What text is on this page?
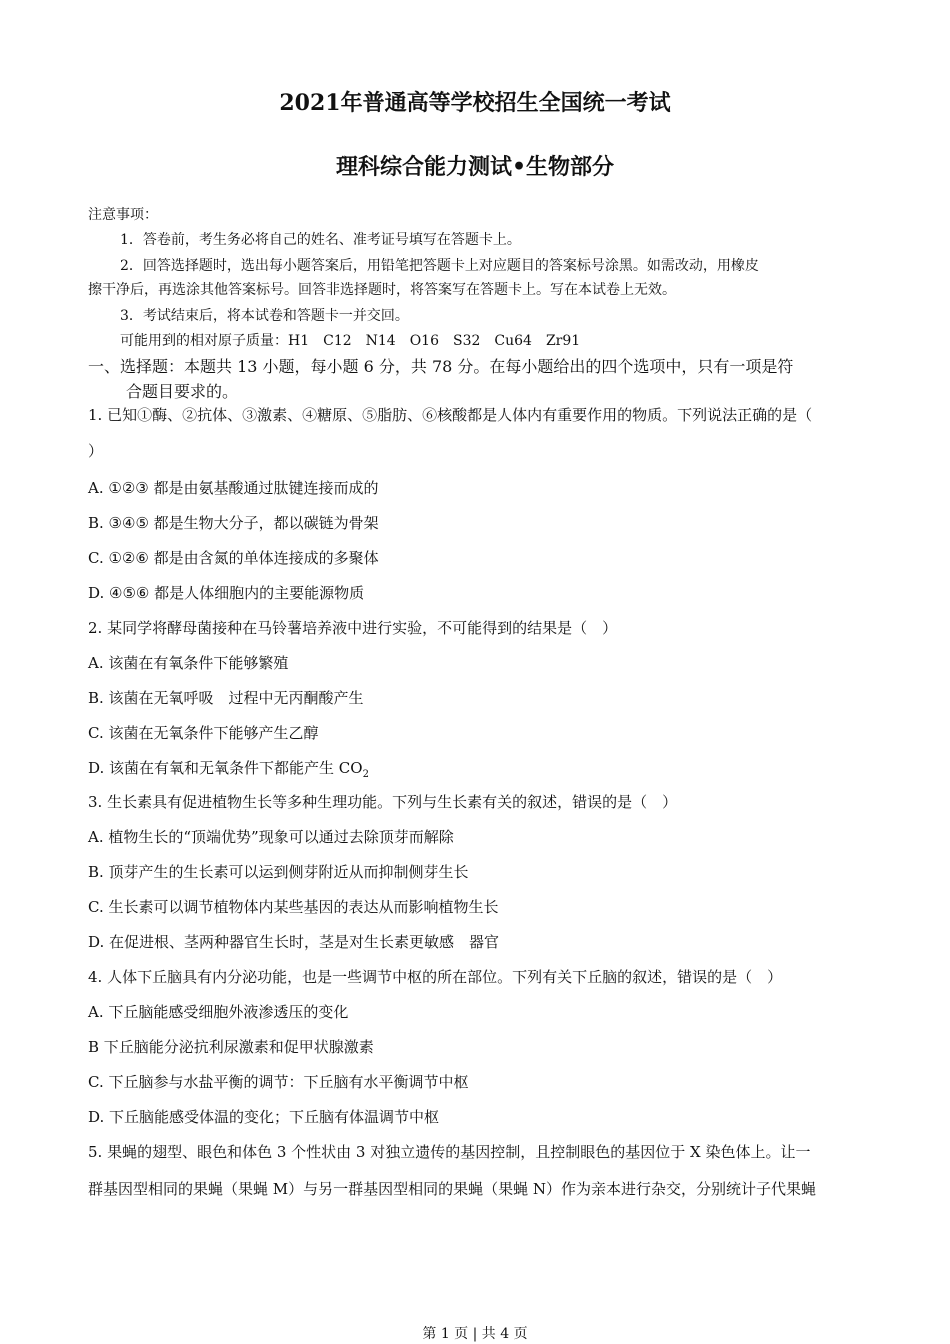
2021年普通高等学校招生全国统一考试
理科综合能力测试•生物部分
注意事项：
1．答卷前，考生务必将自己的姓名、准考证号填写在答题卡上。
2．回答选择题时，选出每小题答案后，用铅笔把答题卡上对应题目的答案标号涂黑。如需改动，用橡皮
擦干净后，再选涂其他答案标号。回答非选择题时，将答案写在答题卡上。写在本试卷上无效。
3．考试结束后，将本试卷和答题卡一并交回。
可能用到的相对原子质量：H1　C12　N14　O16　S32　Cu64　Zr91
一、选择题：本题共 13 小题，每小题 6 分，共 78 分。在每小题给出的四个选项中，只有一项是符
合题目要求的。
1. 已知①酶、②抗体、③激素、④糖原、⑤脂肪、⑥核酸都是人体内有重要作用的物质。下列说法正确的是（
）
A. ①②③ 都是由氨基酸通过肽键连接而成的
B. ③④⑤ 都是生物大分子，都以碳链为骨架
C. ①②⑥ 都是由含氮的单体连接成的多聚体
D. ④⑤⑥ 都是人体细胞内的主要能源物质
2. 某同学将酵母菌接种在马铃薯培养液中进行实验，不可能得到的结果是（　）
A. 该菌在有氧条件下能够繁殖
B. 该菌在无氧呼吸　过程中无丙酮酸产生
C. 该菌在无氧条件下能够产生乙醇
D. 该菌在有氧和无氧条件下都能产生 $CO_2$
3. 生长素具有促进植物生长等多种生理功能。下列与生长素有关的叙述，错误的是（　）
A. 植物生长的“顶端优势”现象可以通过去除顶芽而解除
B. 顶芽产生的生长素可以运到侧芽附近从而抑制侧芽生长
C. 生长素可以调节植物体内某些基因的表达从而影响植物生长
D. 在促进根、茎两种器官生长时，茎是对生长素更敏感　器官
4. 人体下丘脑具有内分泌功能，也是一些调节中枢的所在部位。下列有关下丘脑的叙述，错误的是（　）
A. 下丘脑能感受细胞外液渗透压的变化
B 下丘脑能分泌抗利尿激素和促甲状腺激素
C. 下丘脑参与水盐平衡的调节：下丘脑有水平衡调节中枢
D. 下丘脑能感受体温的变化；下丘脑有体温调节中枢
5. 果蝇的翅型、眼色和体色 3 个性状由 3 对独立遗传的基因控制，且控制眼色的基因位于 X 染色体上。让一
群基因型相同的果蝇（果蝇 M）与另一群基因型相同的果蝇（果蝇 N）作为亲本进行杂交，分别统计子代果蝇
第 1 页 | 共 4 页
